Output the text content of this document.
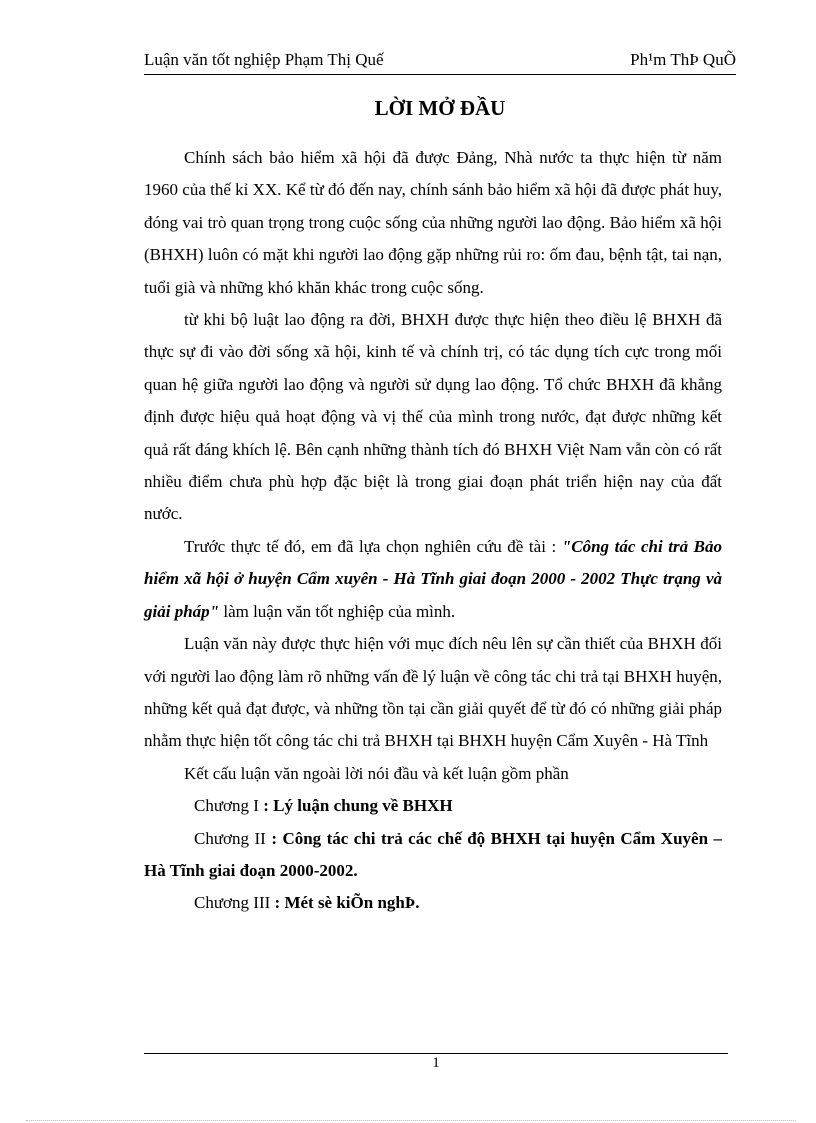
Luận văn tốt nghiệp Phạm Thị Quế	Ph¹m ThÞ QuÕ
LỜI MỞ ĐẦU

Chính sách bảo hiểm xã hội đã được Đảng, Nhà nước ta thực hiện từ năm 1960 của thế kỉ XX. Kể từ đó đến nay, chính sánh bảo hiểm xã hội đã được phát huy, đóng vai trò quan trọng trong cuộc sống của những người lao động. Bảo hiểm xã hội (BHXH) luôn có mặt khi người lao động gặp những rủi ro: ốm đau, bệnh tật, tai nạn, tuổi già và những khó khăn khác trong cuộc sống.

từ khi bộ luật lao động ra đời, BHXH được thực hiện theo điều lệ BHXH đã thực sự đi vào đời sống xã hội, kinh tế và chính trị, có tác dụng tích cực trong mối quan hệ giữa người lao động và người sử dụng lao động. Tổ chức BHXH đã khẳng định được hiệu quả hoạt động và vị thế của mình trong nước, đạt được những kết quả rất đáng khích lệ. Bên cạnh những thành tích đó BHXH Việt Nam vẫn còn có rất nhiều điểm chưa phù hợp đặc biệt là trong giai đoạn phát triển hiện nay của đất nước.

Trước thực tế đó, em đã lựa chọn nghiên cứu đề tài : "Công tác chi trả Bảo hiểm xã hội ở huyện Cẩm xuyên - Hà Tĩnh giai đoạn 2000 - 2002 Thực trạng và giải pháp" làm luận văn tốt nghiệp của mình.

Luận văn này được thực hiện với mục đích nêu lên sự cần thiết của BHXH đối với người lao động làm rõ những vấn đề lý luận về công tác chi trả tại BHXH huyện, những kết quả đạt được, và những tồn tại cần giải quyết để từ đó có những giải pháp nhằm thực hiện tốt công tác chi trả BHXH tại BHXH huyện Cẩm Xuyên - Hà Tĩnh

Kết cấu luận văn ngoài lời nói đầu và kết luận gồm phần

Chương I : Lý luận chung về BHXH

Chương II : Công tác chi trả các chế độ BHXH tại huyện Cẩm Xuyên –Hà Tĩnh giai đoạn 2000-2002.

Chương III : Mét sè kiÕn nghÞ.

1
